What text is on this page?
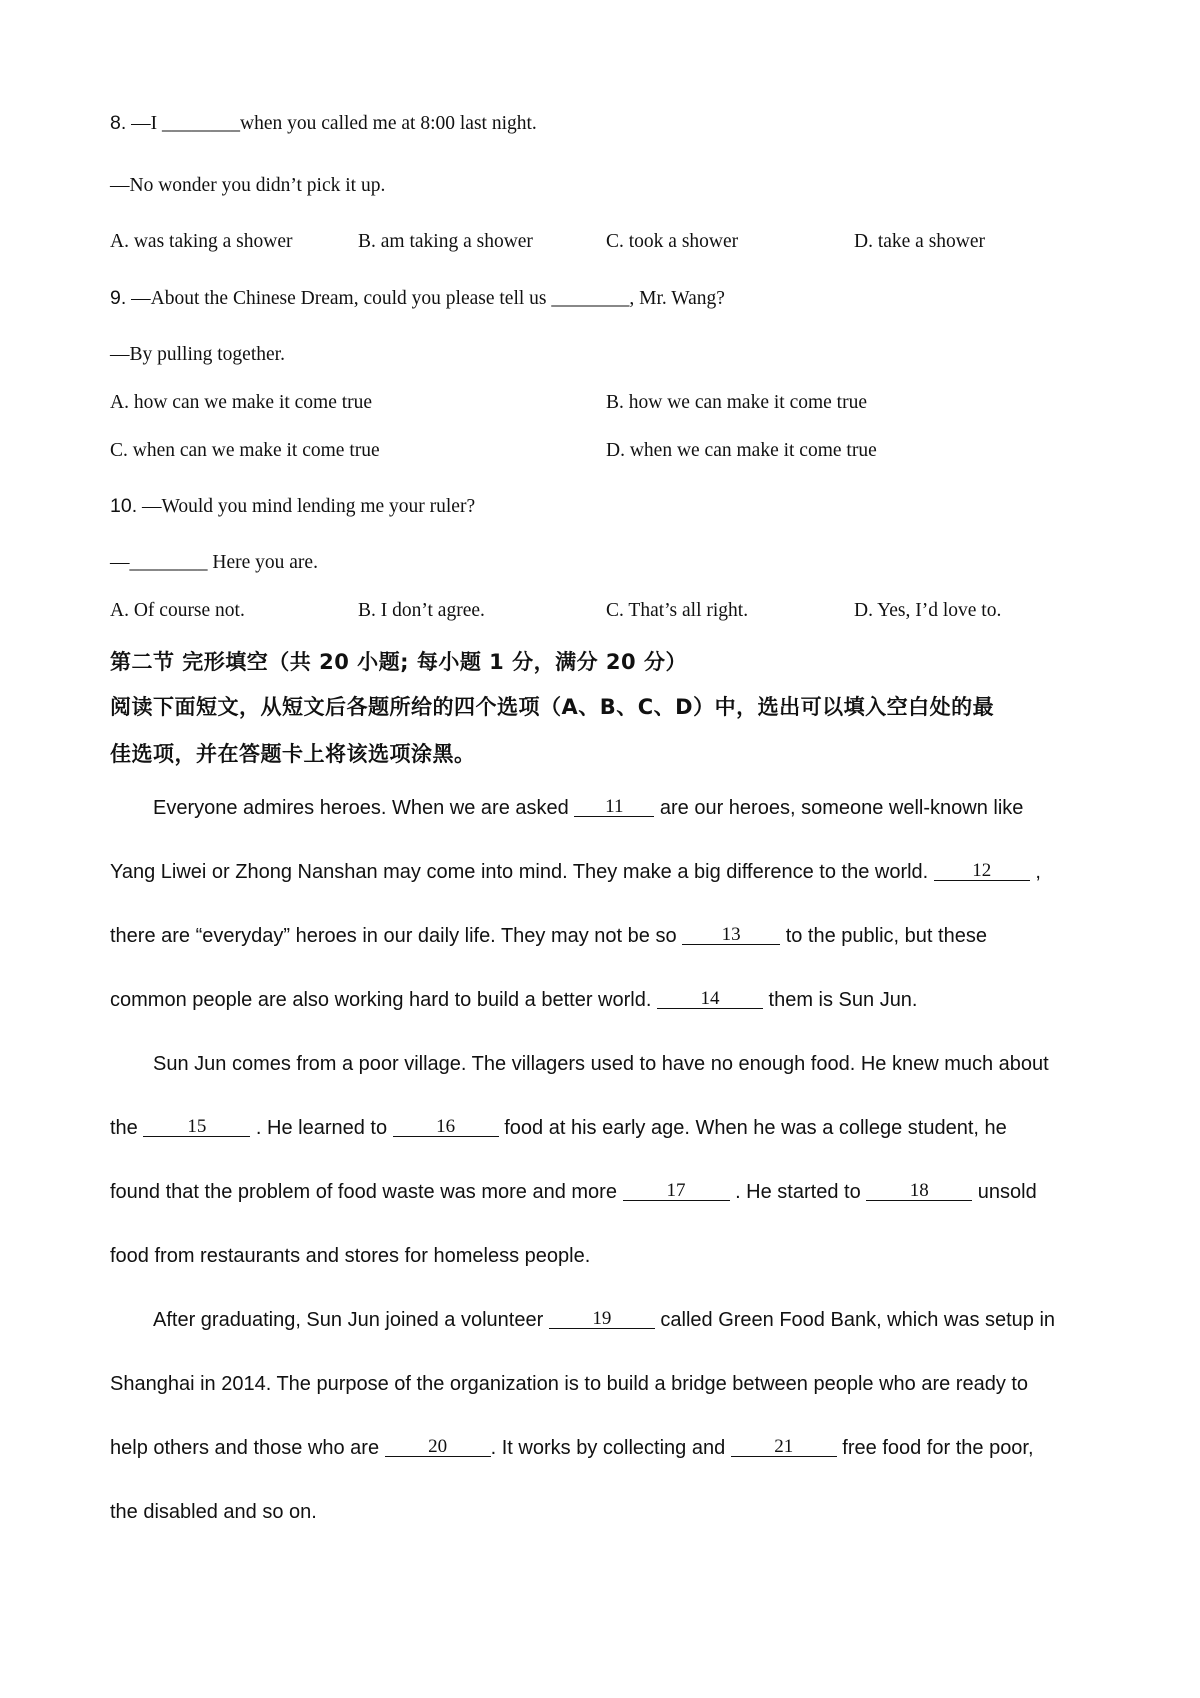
8. —I ________when you called me at 8:00 last night.
—No wonder you didn’t pick it up.
A. was taking a shower	B. am taking a shower	C. took a shower	D. take a shower
9. —About the Chinese Dream, could you please tell us ________, Mr. Wang?
—By pulling together.
A. how can we make it come true	B. how we can make it come true
C. when can we make it come true	D. when we can make it come true
10. —Would you mind lending me your ruler?
—________ Here you are.
A. Of course not.	B. I don’t agree.	C. That’s all right.	D. Yes, I’d love to.
第二节 完形填空（共 20 小题; 每小题 1 分，满分 20 分）
阅读下面短文，从短文后各题所给的四个选项（A、B、C、D）中，选出可以填入空白处的最
佳选项，并在答题卡上将该选项涂黑。
Everyone admires heroes. When we are asked 11 are our heroes, someone well-known like
Yang Liwei or Zhong Nanshan may come into mind. They make a big difference to the world. 12 ,
there are “everyday” heroes in our daily life. They may not be so 13 to the public, but these
common people are also working hard to build a better world. 14 them is Sun Jun.
Sun Jun comes from a poor village. The villagers used to have no enough food. He knew much about
the 15 . He learned to 16 food at his early age. When he was a college student, he
found that the problem of food waste was more and more 17 . He started to 18 unsold
food from restaurants and stores for homeless people.
After graduating, Sun Jun joined a volunteer 19 called Green Food Bank, which was setup in
Shanghai in 2014. The purpose of the organization is to build a bridge between people who are ready to
help others and those who are 20 . It works by collecting and 21 free food for the poor,
the disabled and so on.
